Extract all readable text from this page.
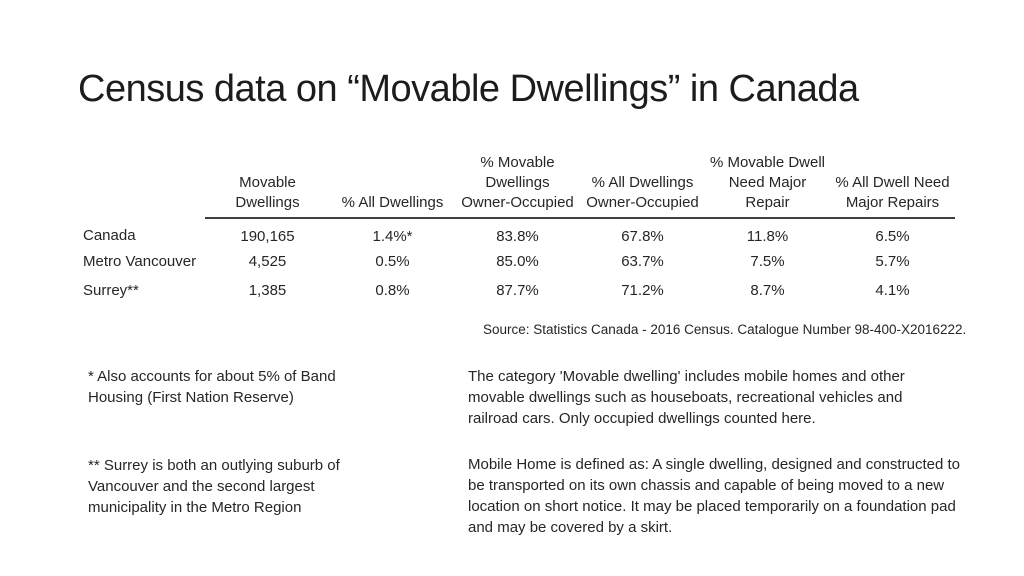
Census data on “Movable Dwellings” in Canada
	Movable Dwellings	% All Dwellings	% Movable Dwellings Owner-Occupied	% All Dwellings Owner-Occupied	% Movable Dwell Need Major Repair	% All Dwell Need Major Repairs
Canada	190,165	1.4%*	83.8%	67.8%	11.8%	6.5%
Metro Vancouver	4,525	0.5%	85.0%	63.7%	7.5%	5.7%
Surrey**	1,385	0.8%	87.7%	71.2%	8.7%	4.1%
Source: Statistics Canada - 2016 Census. Catalogue Number 98-400-X2016222.
* Also accounts for about 5% of Band Housing (First Nation Reserve)
** Surrey is both an outlying suburb of Vancouver and the second largest municipality in the Metro Region
The category 'Movable dwelling' includes mobile homes and other movable dwellings such as houseboats, recreational vehicles and railroad cars. Only occupied dwellings counted here.
Mobile Home is defined as: A single dwelling, designed and constructed to be transported on its own chassis and capable of being moved to a new location on short notice. It may be placed temporarily on a foundation pad and may be covered by a skirt.
